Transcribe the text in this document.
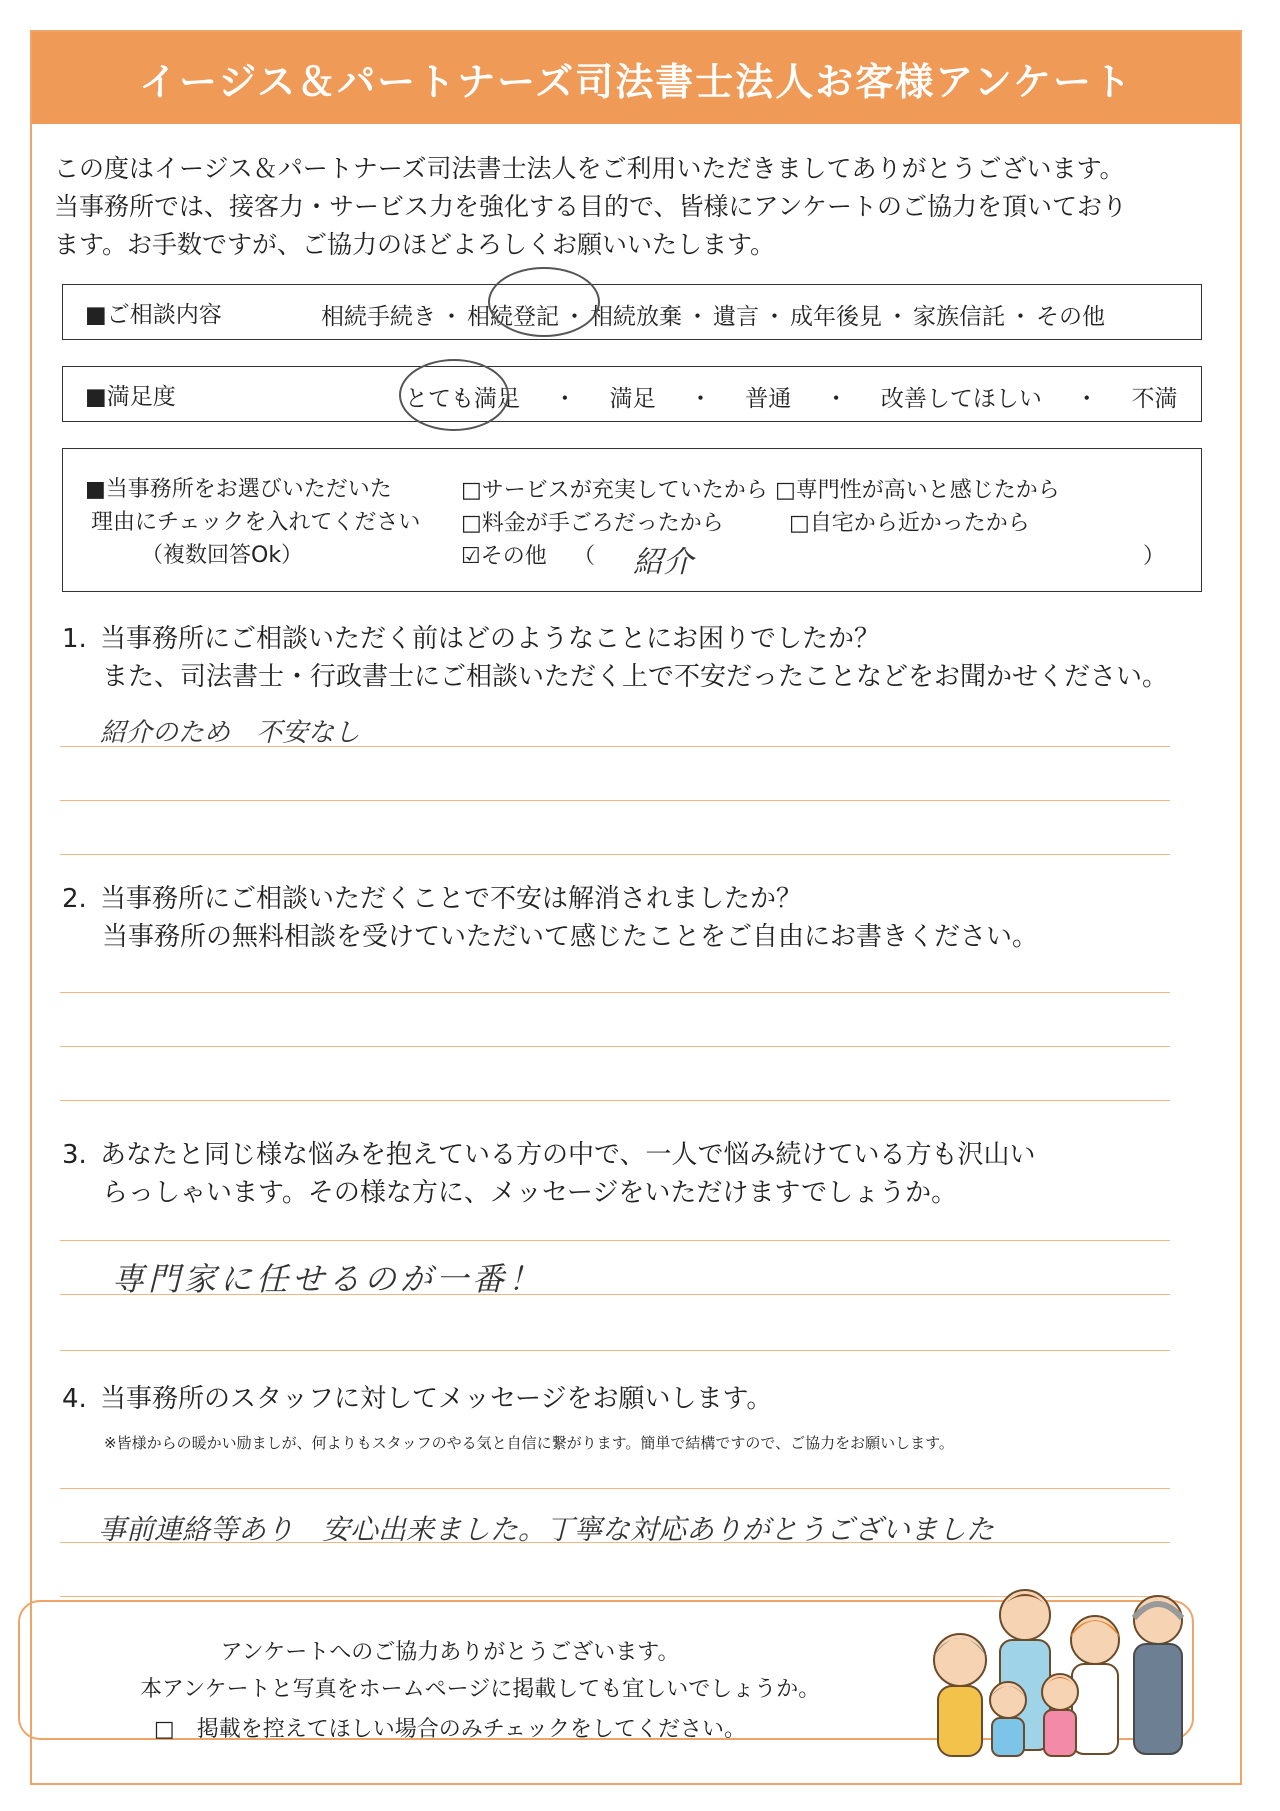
イージス＆パートナーズ司法書士法人お客様アンケート
この度はイージス＆パートナーズ司法書士法人をご利用いただきましてありがとうございます。
当事務所では、接客力・サービス力を強化する目的で、皆様にアンケートのご協力を頂いており
ます。お手数ですが、ご協力のほどよろしくお願いいたします。
■ご相談内容	相続手続き ・ 相続登記 ・ 相続放棄 ・ 遺言 ・ 成年後見 ・ 家族信託 ・ その他
■満足度	とても満足 ・ 満足 ・ 普通 ・ 改善してほしい ・ 不満
■当事務所をお選びいただいた
理由にチェックを入れてください
（複数回答Ok）
□サービスが充実していたから □専門性が高いと感じたから
□料金が手ごろだったから	□自宅から近かったから
☑その他 （ 紹介	）
1. 当事務所にご相談いただく前はどのようなことにお困りでしたか？
また、司法書士・行政書士にご相談いただく上で不安だったことなどをお聞かせください。
紹介のため　不安なし
2. 当事務所にご相談いただくことで不安は解消されましたか？
当事務所の無料相談を受けていただいて感じたことをご自由にお書きください。
3. あなたと同じ様な悩みを抱えている方の中で、一人で悩み続けている方も沢山い
らっしゃいます。その様な方に、メッセージをいただけますでしょうか。
専門家に任せるのが一番！
4. 当事務所のスタッフに対してメッセージをお願いします。
※皆様からの暖かい励ましが、何よりもスタッフのやる気と自信に繋がります。簡単で結構ですので、ご協力をお願いします。
事前連絡等あり　安心出来ました。丁寧な対応ありがとうございました
アンケートへのご協力ありがとうございます。
本アンケートと写真をホームページに掲載しても宜しいでしょうか。
□　掲載を控えてほしい場合のみチェックをしてください。
